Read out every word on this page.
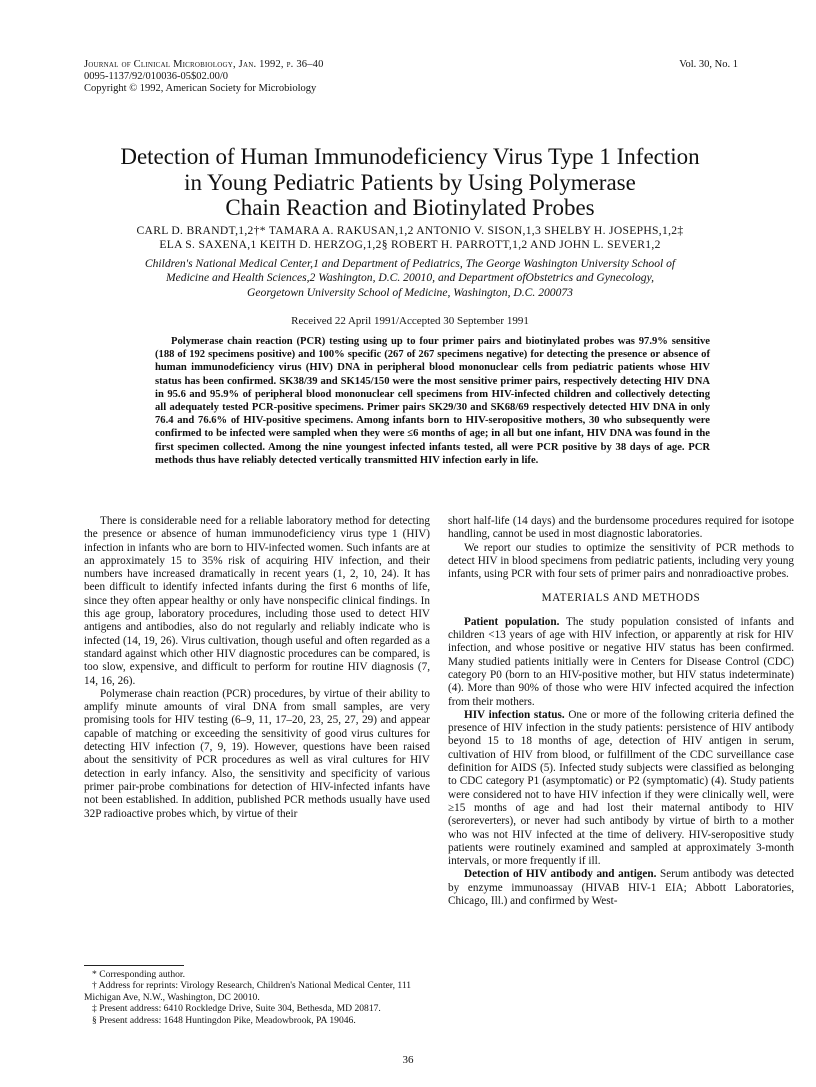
Journal of Clinical Microbiology, Jan. 1992, p. 36–40
0095-1137/92/010036-05$02.00/0
Copyright © 1992, American Society for Microbiology
Vol. 30, No. 1
Detection of Human Immunodeficiency Virus Type 1 Infection
in Young Pediatric Patients by Using Polymerase
Chain Reaction and Biotinylated Probes
CARL D. BRANDT,1,2†* TAMARA A. RAKUSAN,1,2 ANTONIO V. SISON,1,3 SHELBY H. JOSEPHS,1,2‡
ELA S. SAXENA,1 KEITH D. HERZOG,1,2§ ROBERT H. PARROTT,1,2 AND JOHN L. SEVER1,2
Children's National Medical Center,1 and Department of Pediatrics, The George Washington University School of
Medicine and Health Sciences,2 Washington, D.C. 20010, and Department ofObstetrics and Gynecology,
Georgetown University School of Medicine, Washington, D.C. 200073
Received 22 April 1991/Accepted 30 September 1991

Polymerase chain reaction (PCR) testing using up to four primer pairs and biotinylated probes was 97.9% sensitive (188 of 192 specimens positive) and 100% specific (267 of 267 specimens negative) for detecting the presence or absence of human immunodeficiency virus (HIV) DNA in peripheral blood mononuclear cells from pediatric patients whose HIV status has been confirmed. SK38/39 and SK145/150 were the most sensitive primer pairs, respectively detecting HIV DNA in 95.6 and 95.9% of peripheral blood mononuclear cell specimens from HIV-infected children and collectively detecting all adequately tested PCR-positive specimens. Primer pairs SK29/30 and SK68/69 respectively detected HIV DNA in only 76.4 and 76.6% of HIV-positive specimens. Among infants born to HIV-seropositive mothers, 30 who subsequently were confirmed to be infected were sampled when they were ≤6 months of age; in all but one infant, HIV DNA was found in the first specimen collected. Among the nine youngest infected infants tested, all were PCR positive by 38 days of age. PCR methods thus have reliably detected vertically transmitted HIV infection early in life.

There is considerable need for a reliable laboratory method for detecting the presence or absence of human immunodeficiency virus type 1 (HIV) infection in infants who are born to HIV-infected women. Such infants are at an approximately 15 to 35% risk of acquiring HIV infection, and their numbers have increased dramatically in recent years (1, 2, 10, 24). It has been difficult to identify infected infants during the first 6 months of life, since they often appear healthy or only have nonspecific clinical findings. In this age group, laboratory procedures, including those used to detect HIV antigens and antibodies, also do not regularly and reliably indicate who is infected (14, 19, 26). Virus cultivation, though useful and often regarded as a standard against which other HIV diagnostic procedures can be compared, is too slow, expensive, and difficult to perform for routine HIV diagnosis (7, 14, 16, 26).

Polymerase chain reaction (PCR) procedures, by virtue of their ability to amplify minute amounts of viral DNA from small samples, are very promising tools for HIV testing (6–9, 11, 17–20, 23, 25, 27, 29) and appear capable of matching or exceeding the sensitivity of good virus cultures for detecting HIV infection (7, 9, 19). However, questions have been raised about the sensitivity of PCR procedures as well as viral cultures for HIV detection in early infancy. Also, the sensitivity and specificity of various primer pair-probe combinations for detection of HIV-infected infants have not been established. In addition, published PCR methods usually have used 32P radioactive probes which, by virtue of their

* Corresponding author.

† Address for reprints: Virology Research, Children's National Medical Center, 111 Michigan Ave, N.W., Washington, DC 20010.

‡ Present address: 6410 Rockledge Drive, Suite 304, Bethesda, MD 20817.

§ Present address: 1648 Huntingdon Pike, Meadowbrook, PA 19046.

short half-life (14 days) and the burdensome procedures required for isotope handling, cannot be used in most diagnostic laboratories.

We report our studies to optimize the sensitivity of PCR methods to detect HIV in blood specimens from pediatric patients, including very young infants, using PCR with four sets of primer pairs and nonradioactive probes.

MATERIALS AND METHODS

Patient population. The study population consisted of infants and children <13 years of age with HIV infection, or apparently at risk for HIV infection, and whose positive or negative HIV status has been confirmed. Many studied patients initially were in Centers for Disease Control (CDC) category P0 (born to an HIV-positive mother, but HIV status indeterminate) (4). More than 90% of those who were HIV infected acquired the infection from their mothers.

HIV infection status. One or more of the following criteria defined the presence of HIV infection in the study patients: persistence of HIV antibody beyond 15 to 18 months of age, detection of HIV antigen in serum, cultivation of HIV from blood, or fulfillment of the CDC surveillance case definition for AIDS (5). Infected study subjects were classified as belonging to CDC category P1 (asymptomatic) or P2 (symptomatic) (4). Study patients were considered not to have HIV infection if they were clinically well, were ≥15 months of age and had lost their maternal antibody to HIV (seroreverters), or never had such antibody by virtue of birth to a mother who was not HIV infected at the time of delivery. HIV-seropositive study patients were routinely examined and sampled at approximately 3-month intervals, or more frequently if ill.

Detection of HIV antibody and antigen. Serum antibody was detected by enzyme immunoassay (HIVAB HIV-1 EIA; Abbott Laboratories, Chicago, Ill.) and confirmed by West-

36
